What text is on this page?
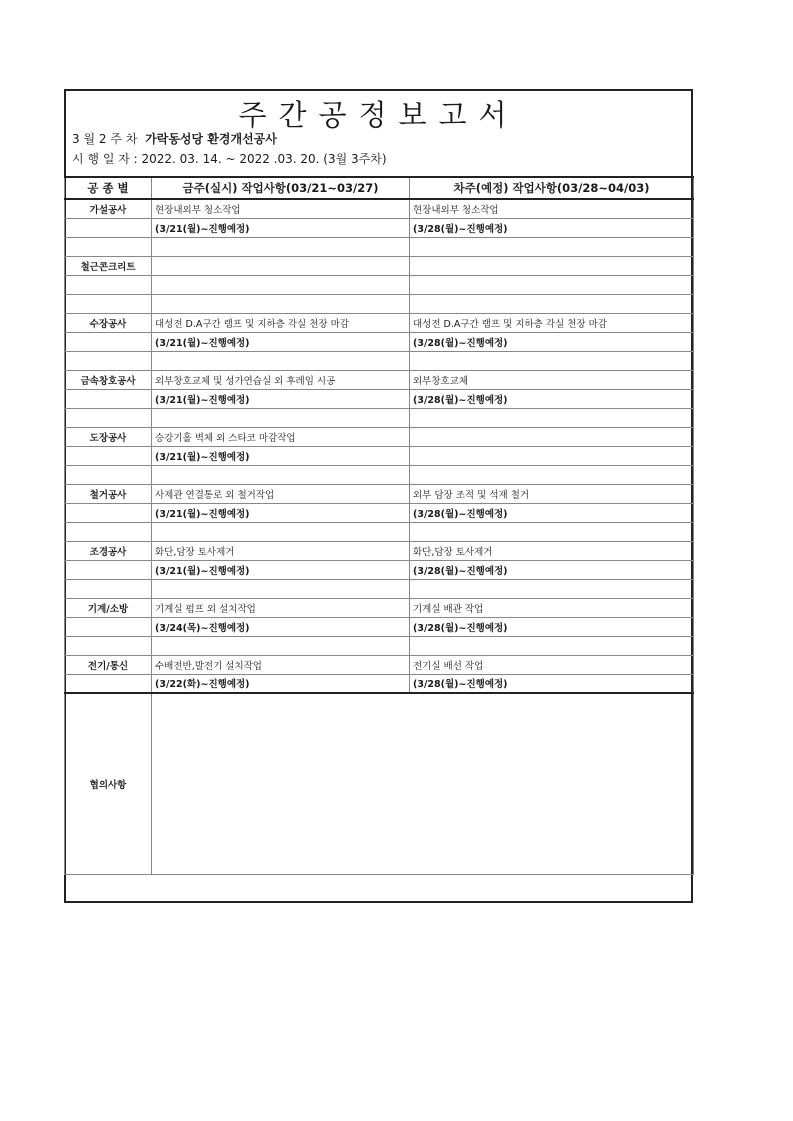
주간공정보고서
3 월 2 주 차 가락동성당 환경개선공사
시 행 일 자 : 2022. 03. 14. ~ 2022 .03. 20. (3월 3주차)
공 종 별	금주(실시) 작업사항(03/21~03/27)	차주(예정) 작업사항(03/28~04/03)
가설공사	현장내외부 청소작업	현장내외부 청소작업
	(3/21(월)~진행예정)	(3/28(월)~진행예정)

철근콘크리트		

수장공사	대성전 D.A구간 램프 및 지하층 각실 천장 마감	대성전 D.A구간 램프 및 지하층 각실 천장 마감
	(3/21(월)~진행예정)	(3/28(월)~진행예정)

금속창호공사	외부창호교체 및 성가연습실 외 후레임 시공	외부창호교체
	(3/21(월)~진행예정)	(3/28(월)~진행예정)

도장공사	승강기홀 벽체 외 스타코 마감작업	
	(3/21(월)~진행예정)	

철거공사	사제관 연결통로 외 철거작업	외부 담장 조적 및 석재 철거
	(3/21(월)~진행예정)	(3/28(월)~진행예정)

조경공사	화단,담장 토사제거	화단,담장 토사제거
	(3/21(월)~진행예정)	(3/28(월)~진행예정)

기계/소방	기계실 펌프 외 설치작업	기계실 배관 작업
	(3/24(목)~진행예정)	(3/28(월)~진행예정)

전기/통신	수배전반,발전기 설치작업	전기실 배선 작업
	(3/22(화)~진행예정)	(3/28(월)~진행예정)
협의사항		
